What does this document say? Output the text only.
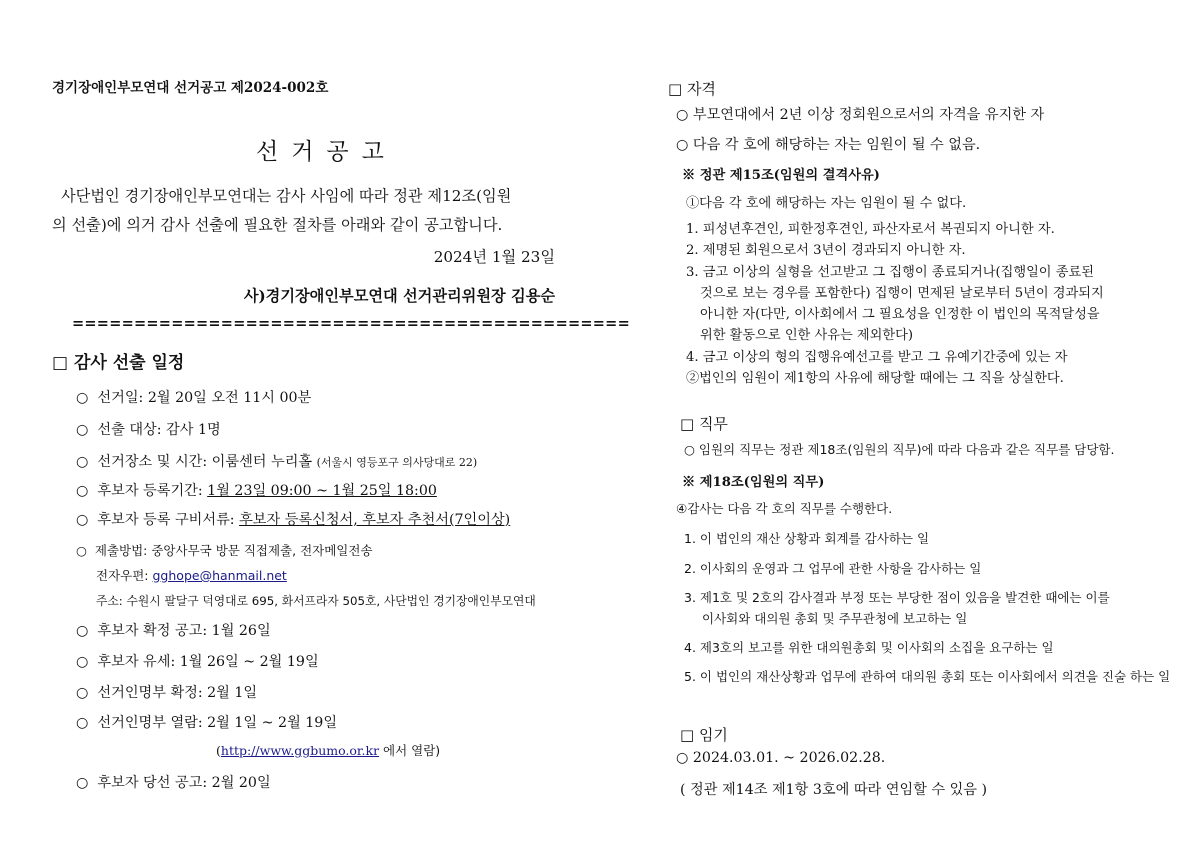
경기장애인부모연대 선거공고 제2024-002호
선거공고
사단법인 경기장애인부모연대는 감사 사임에 따라 정관 제12조(임원
의 선출)에 의거 감사 선출에 필요한 절차를 아래와 같이 공고합니다.
2024년 1월 23일
사)경기장애인부모연대 선거관리위원장 김용순
=============================================
□ 감사 선출 일정
○ 선거일: 2월 20일 오전 11시 00분
○ 선출 대상: 감사 1명
○ 선거장소 및 시간: 이룸센터 누리홀 (서울시 영등포구 의사당대로 22)
○ 후보자 등록기간: 1월 23일 09:00 ~ 1월 25일 18:00
○ 후보자 등록 구비서류: 후보자 등록신청서, 후보자 추천서(7인이상)
○ 제출방법: 중앙사무국 방문 직접제출, 전자메일전송
전자우편: gghope@hanmail.net
주소: 수원시 팔달구 덕영대로 695, 화서프라자 505호, 사단법인 경기장애인부모연대
○ 후보자 확정 공고: 1월 26일
○ 후보자 유세: 1월 26일 ~ 2월 19일
○ 선거인명부 확정: 2월 1일
○ 선거인명부 열람: 2월 1일 ~ 2월 19일
(http://www.ggbumo.or.kr 에서 열람)
○ 후보자 당선 공고: 2월 20일
□ 자격
○ 부모연대에서 2년 이상 정회원으로서의 자격을 유지한 자
○ 다음 각 호에 해당하는 자는 임원이 될 수 없음.
※ 정관 제15조(임원의 결격사유)
①다음 각 호에 해당하는 자는 임원이 될 수 없다.
1. 피성년후견인, 피한정후견인, 파산자로서 복권되지 아니한 자.
2. 제명된 회원으로서 3년이 경과되지 아니한 자.
3. 금고 이상의 실형을 선고받고 그 집행이 종료되거나(집행일이 종료된
것으로 보는 경우를 포함한다) 집행이 면제된 날로부터 5년이 경과되지
아니한 자(다만, 이사회에서 그 필요성을 인정한 이 법인의 목적달성을
위한 활동으로 인한 사유는 제외한다)
4. 금고 이상의 형의 집행유예선고를 받고 그 유예기간중에 있는 자
②법인의 임원이 제1항의 사유에 해당할 때에는 그 직을 상실한다.
□ 직무
○ 임원의 직무는 정관 제18조(임원의 직무)에 따라 다음과 같은 직무를 담당함.
※ 제18조(임원의 직무)
④감사는 다음 각 호의 직무를 수행한다.
1. 이 법인의 재산 상황과 회계를 감사하는 일
2. 이사회의 운영과 그 업무에 관한 사항을 감사하는 일
3. 제1호 및 2호의 감사결과 부정 또는 부당한 점이 있음을 발견한 때에는 이를
이사회와 대의원 총회 및 주무관청에 보고하는 일
4. 제3호의 보고를 위한 대의원총회 및 이사회의 소집을 요구하는 일
5. 이 법인의 재산상황과 업무에 관하여 대의원 총회 또는 이사회에서 의견을 진술 하는 일
□ 임기
○ 2024.03.01. ~ 2026.02.28.
( 정관 제14조 제1항 3호에 따라 연임할 수 있음 )
